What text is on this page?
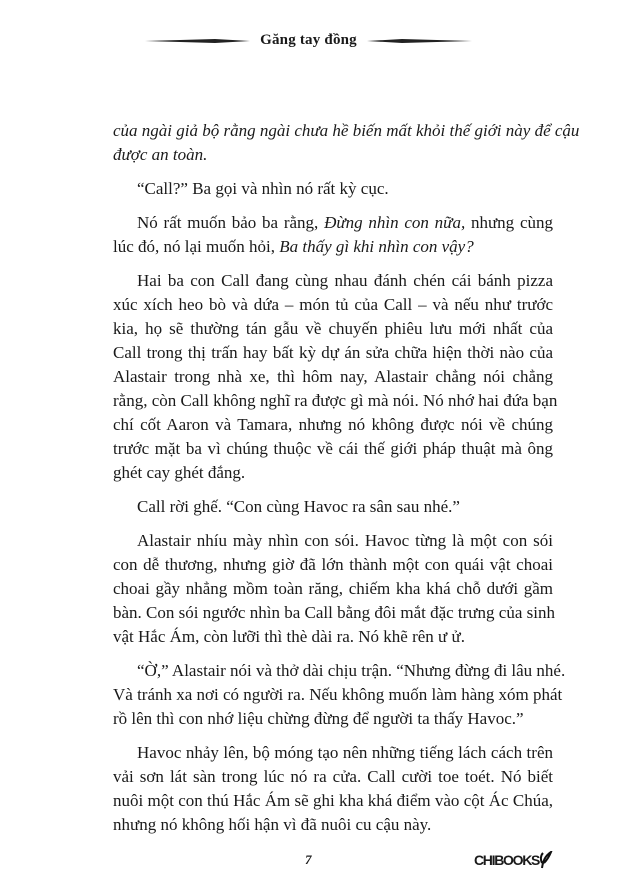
Găng tay đồng
của ngài giả bộ rằng ngài chưa hề biến mất khỏi thế giới này để cậu
được an toàn.
“Call?” Ba gọi và nhìn nó rất kỳ cục.
Nó rất muốn bảo ba rằng, Đừng nhìn con nữa, nhưng cùng
lúc đó, nó lại muốn hỏi, Ba thấy gì khi nhìn con vậy?
Hai ba con Call đang cùng nhau đánh chén cái bánh pizza
xúc xích heo bò và dứa – món tủ của Call – và nếu như trước
kia, họ sẽ thường tán gẫu về chuyến phiêu lưu mới nhất của
Call trong thị trấn hay bất kỳ dự án sửa chữa hiện thời nào của
Alastair trong nhà xe, thì hôm nay, Alastair chẳng nói chẳng
rằng, còn Call không nghĩ ra được gì mà nói. Nó nhớ hai đứa bạn
chí cốt Aaron và Tamara, nhưng nó không được nói về chúng
trước mặt ba vì chúng thuộc về cái thế giới pháp thuật mà ông
ghét cay ghét đắng.
Call rời ghế. “Con cùng Havoc ra sân sau nhé.”
Alastair nhíu mày nhìn con sói. Havoc từng là một con sói
con dễ thương, nhưng giờ đã lớn thành một con quái vật choai
choai gầy nhẳng mồm toàn răng, chiếm kha khá chỗ dưới gầm
bàn. Con sói ngước nhìn ba Call bằng đôi mắt đặc trưng của sinh
vật Hắc Ám, còn lưỡi thì thè dài ra. Nó khẽ rên ư ử.
“Ờ,” Alastair nói và thở dài chịu trận. “Nhưng đừng đi lâu nhé.
Và tránh xa nơi có người ra. Nếu không muốn làm hàng xóm phát
rồ lên thì con nhớ liệu chừng đừng để người ta thấy Havoc.”
Havoc nhảy lên, bộ móng tạo nên những tiếng lách cách trên
vải sơn lát sàn trong lúc nó ra cửa. Call cười toe toét. Nó biết
nuôi một con thú Hắc Ám sẽ ghi kha khá điểm vào cột Ác Chúa,
nhưng nó không hối hận vì đã nuôi cu cậu này.
7	CHIBOOKS
